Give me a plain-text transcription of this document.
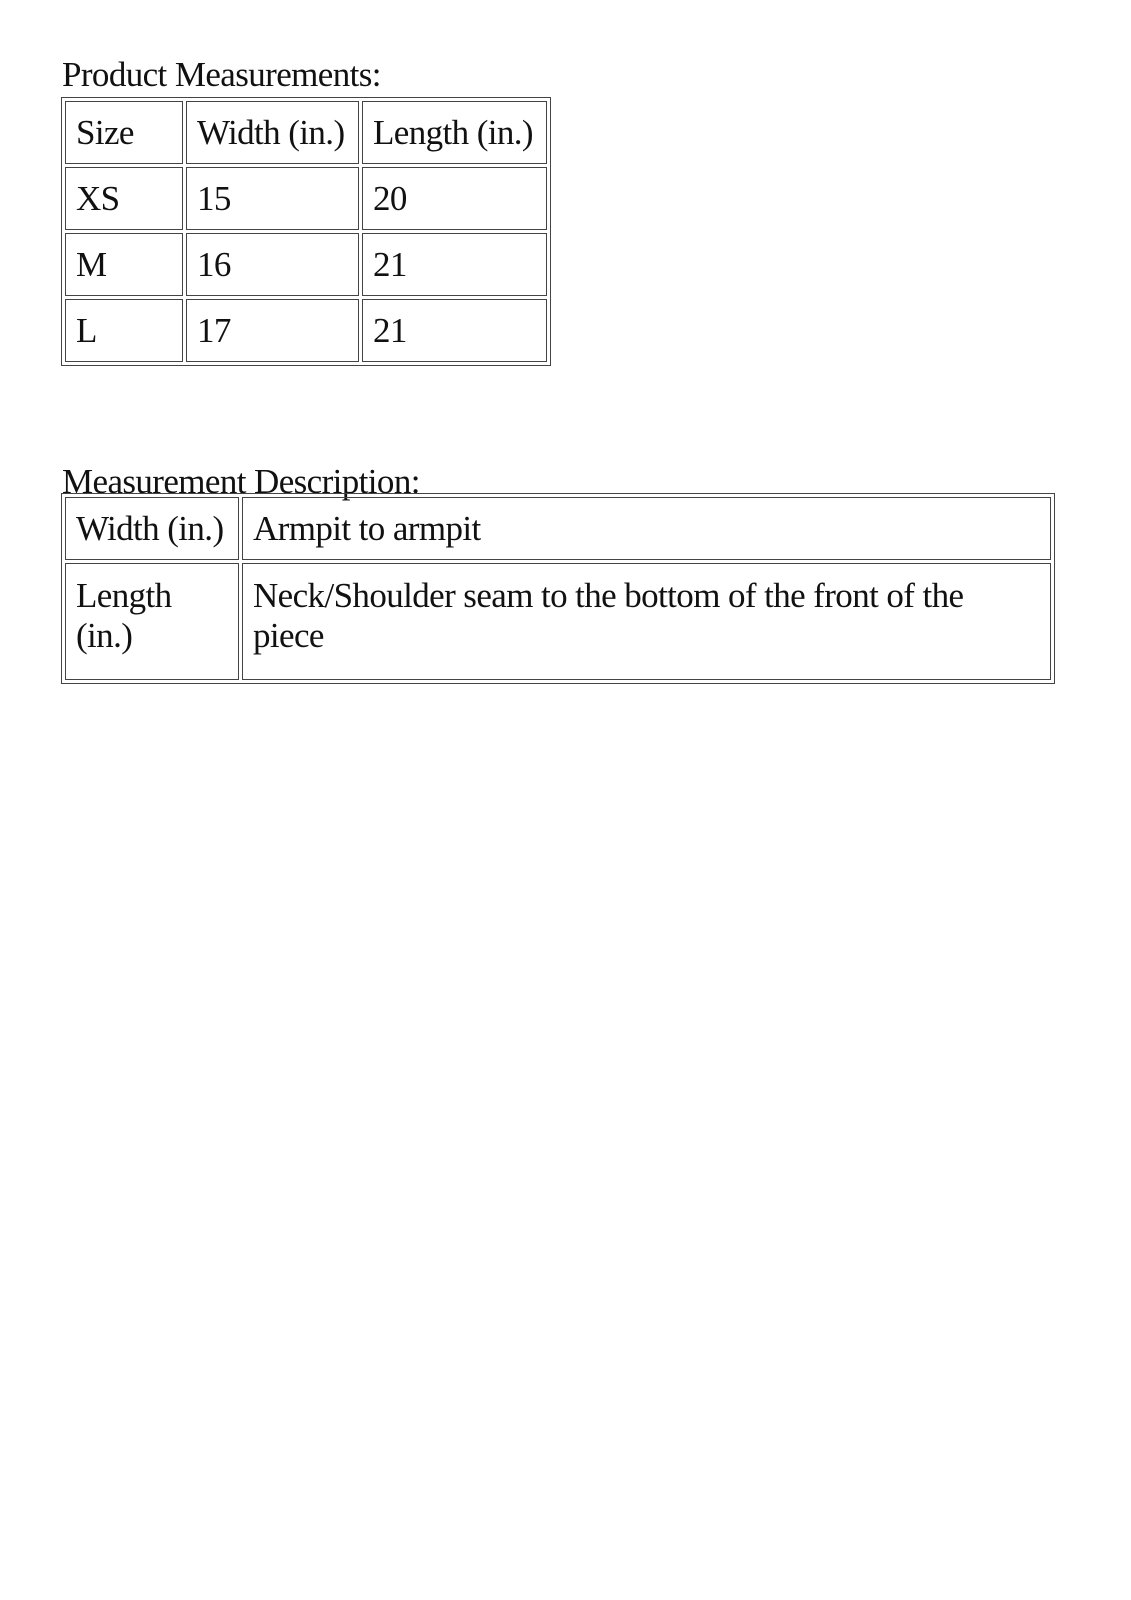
Product Measurements:
Size	Width (in.)	Length (in.)
XS	15	20
M	16	21
L	17	21
Measurement Description:
Width (in.)	Armpit to armpit
Length (in.)	Neck/Shoulder seam to the bottom of the front of the piece
